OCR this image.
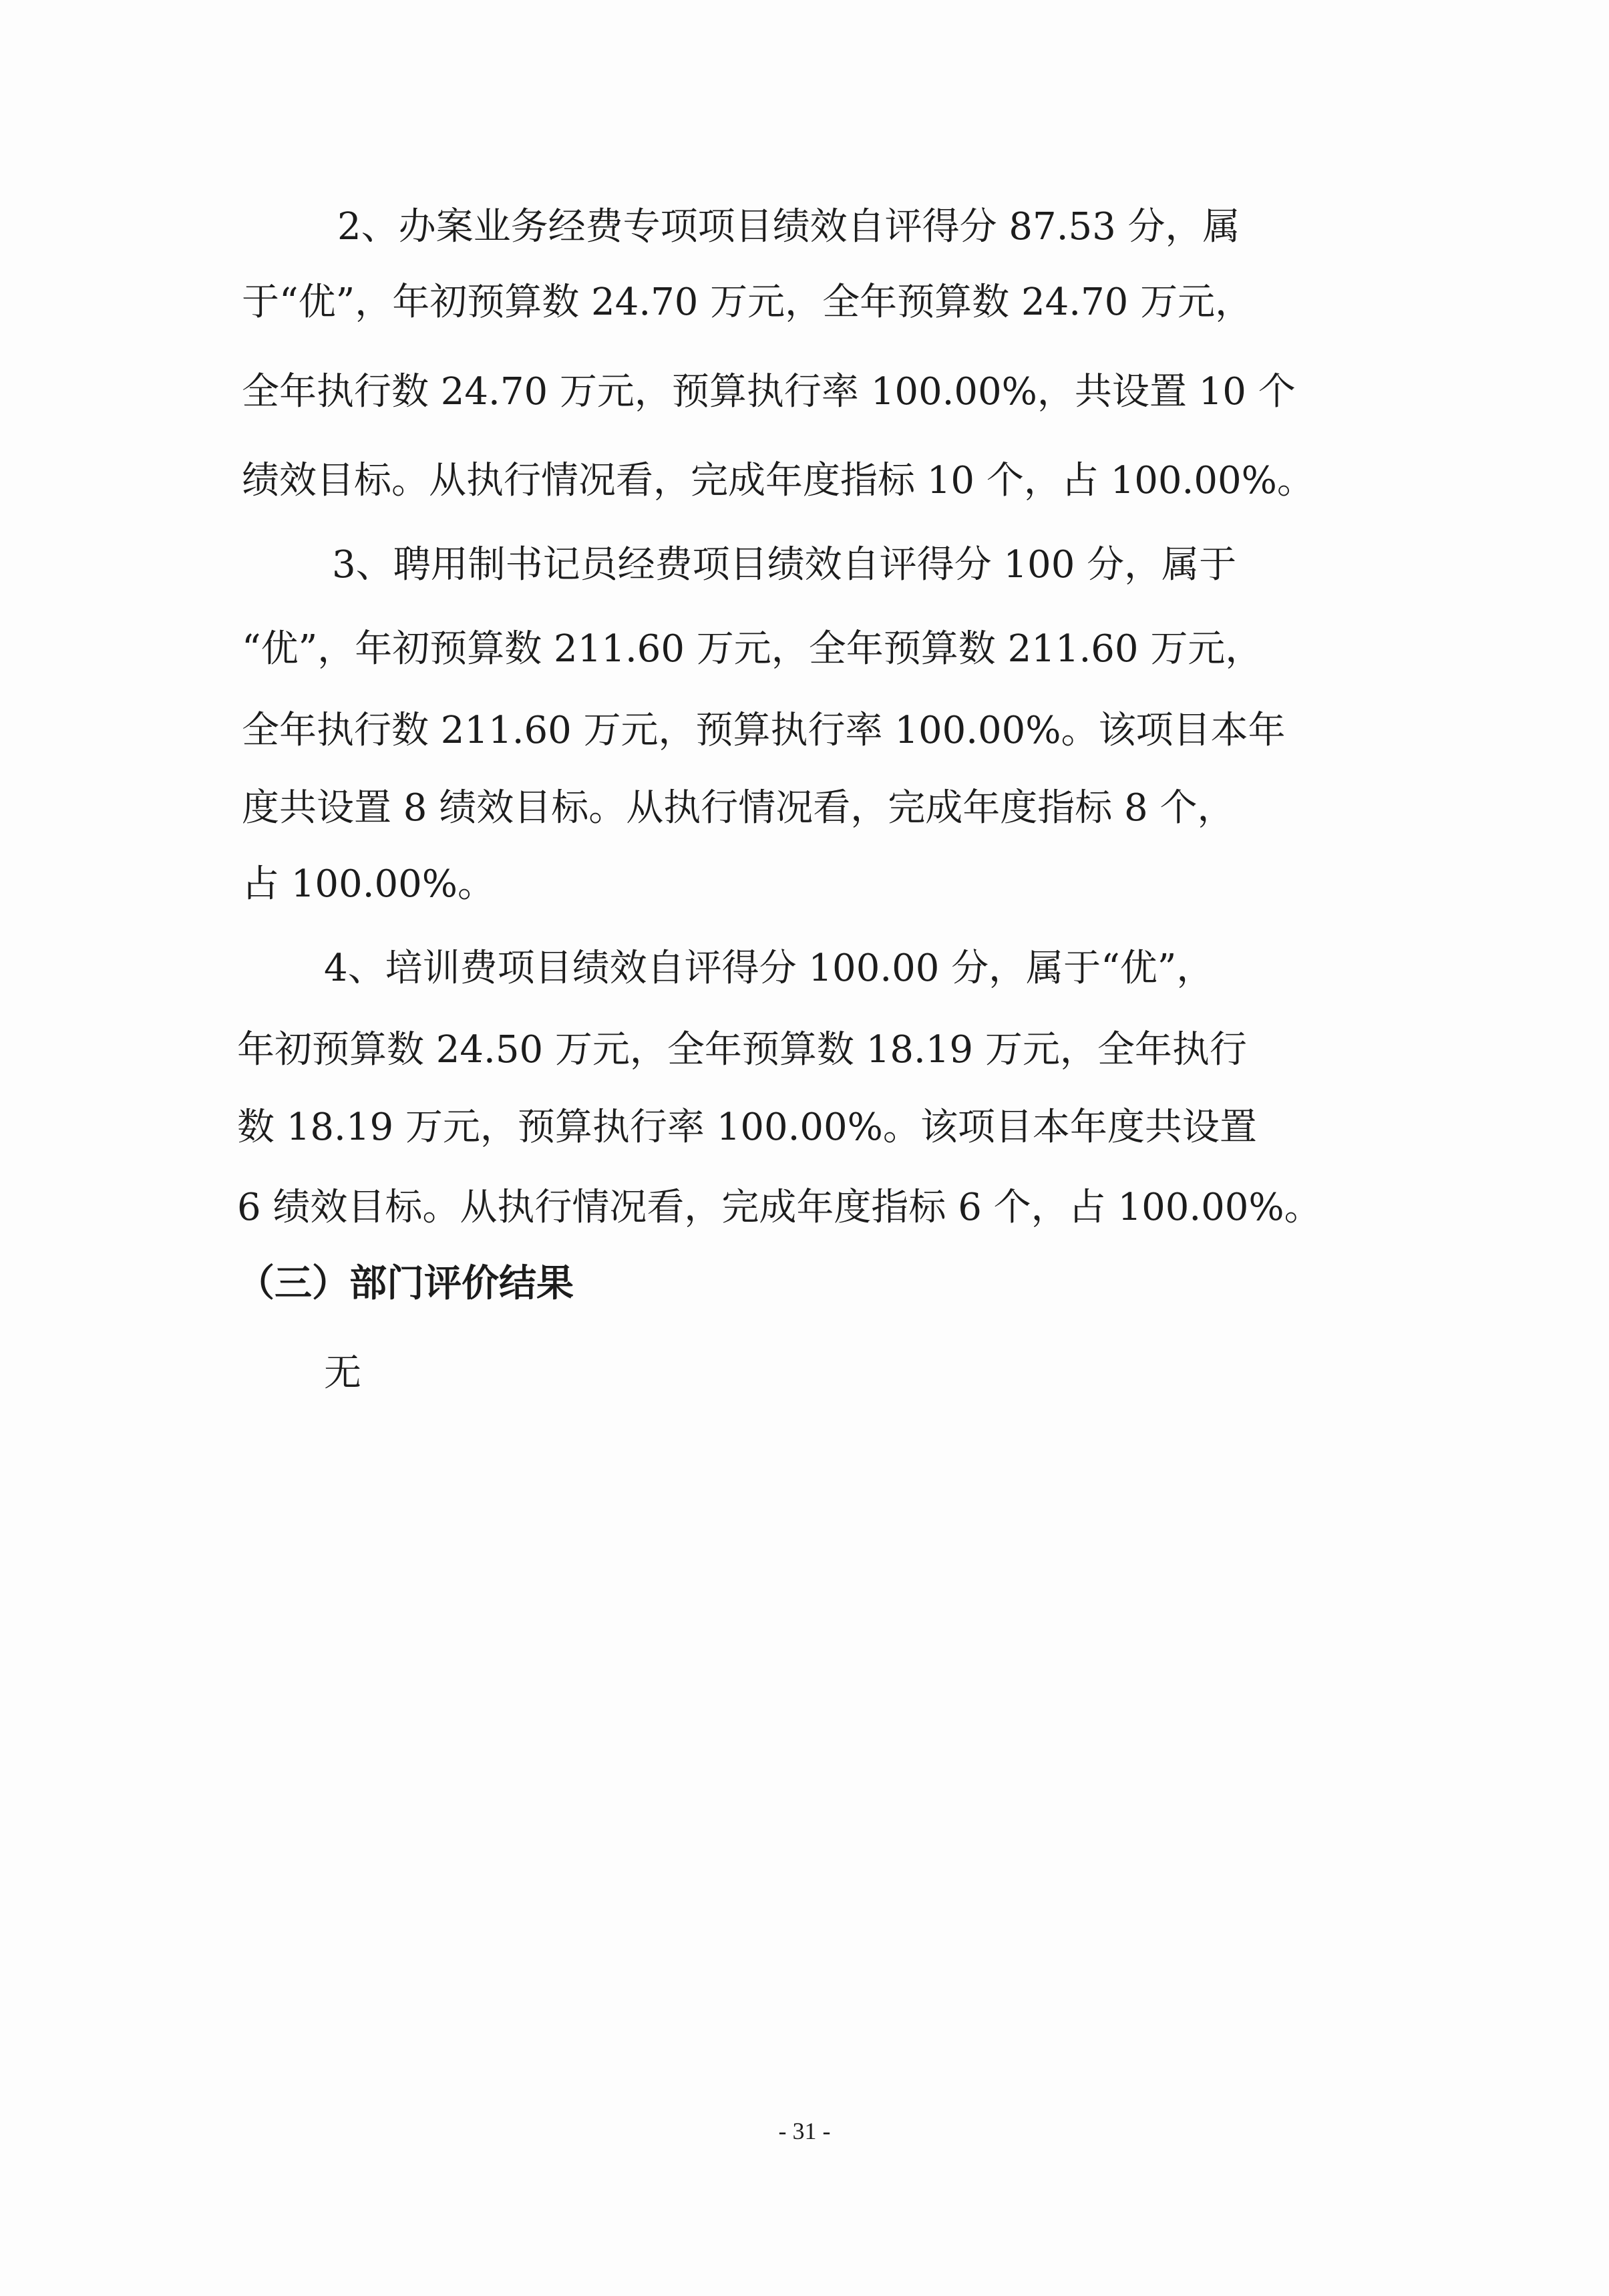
2、办案业务经费专项项目绩效自评得分 87.53 分，属
于“优”，年初预算数 24.70 万元，全年预算数 24.70 万元，
全年执行数 24.70 万元，预算执行率 100.00%，共设置 10 个
绩效目标。从执行情况看，完成年度指标 10 个，占 100.00%。
3、聘用制书记员经费项目绩效自评得分 100 分，属于
“优”，年初预算数 211.60 万元，全年预算数 211.60 万元，
全年执行数 211.60 万元，预算执行率 100.00%。该项目本年
度共设置 8 绩效目标。从执行情况看，完成年度指标 8 个，
占 100.00%。
4、培训费项目绩效自评得分 100.00 分，属于“优”，
年初预算数 24.50 万元，全年预算数 18.19 万元，全年执行
数 18.19 万元，预算执行率 100.00%。该项目本年度共设置
6 绩效目标。从执行情况看，完成年度指标 6 个，占 100.00%。
（三）部门评价结果
无
- 31 -
